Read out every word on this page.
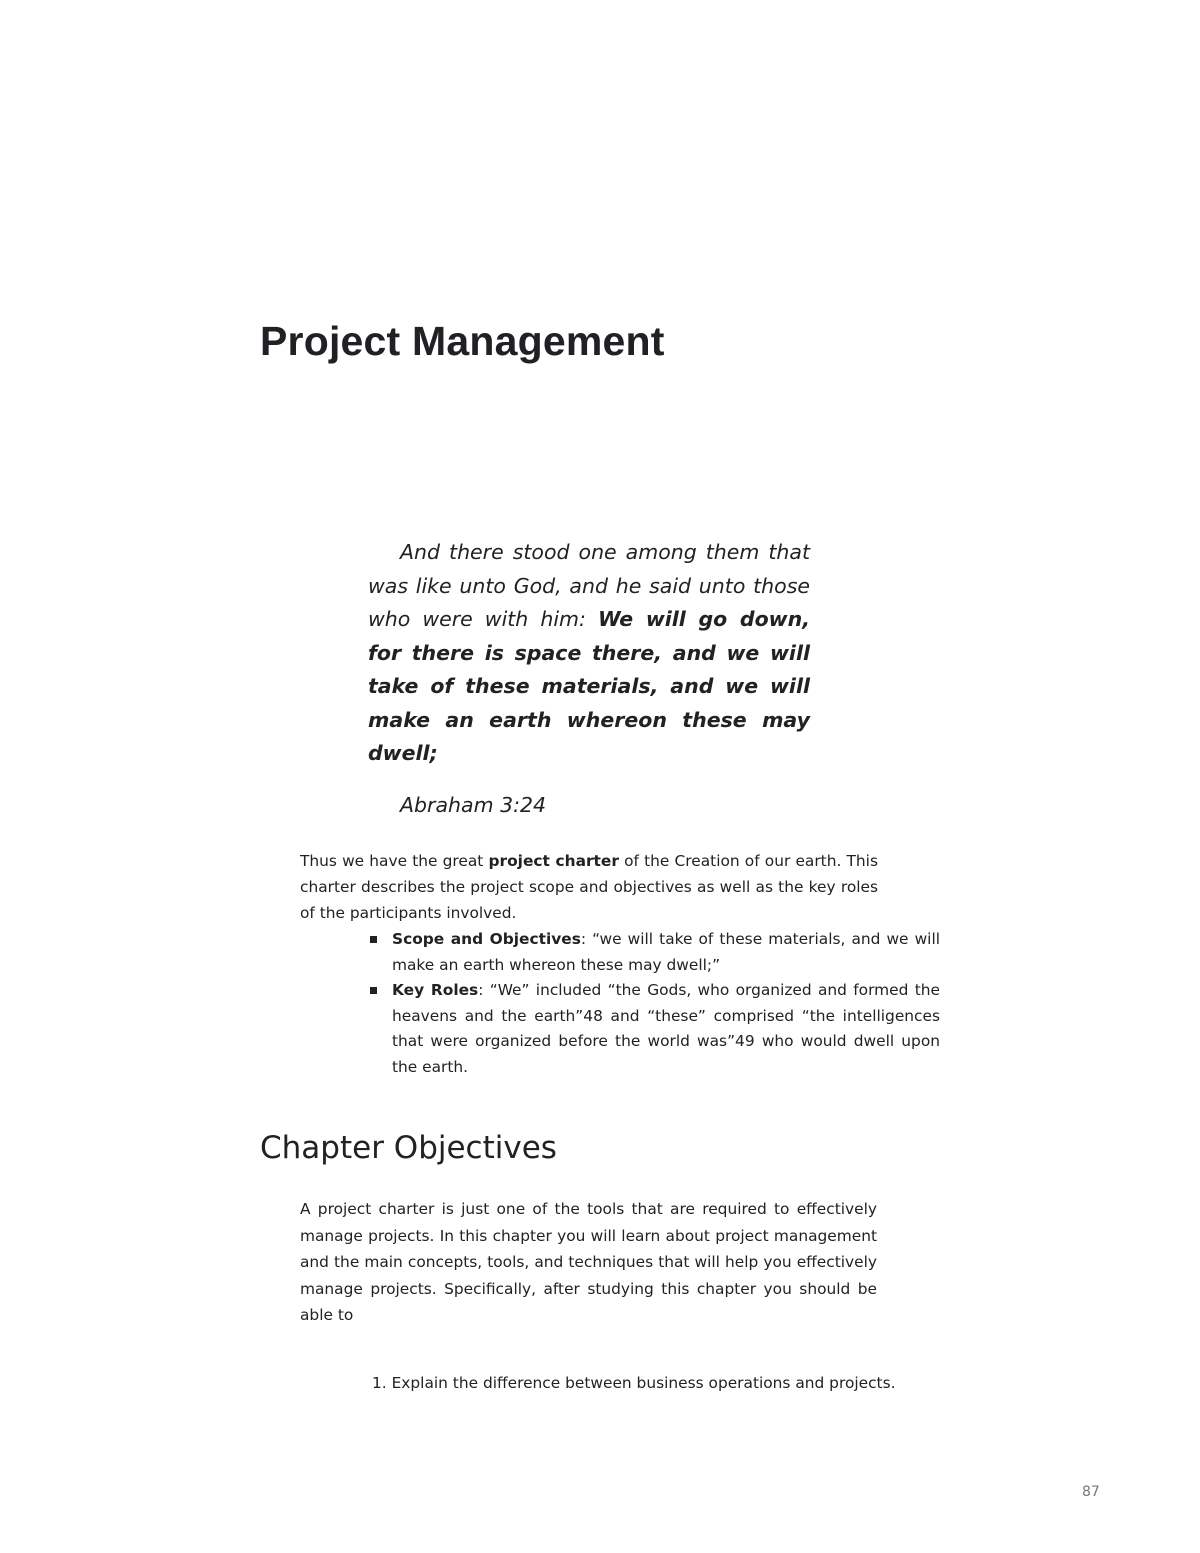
Project Management

And there stood one among them that was like unto God, and he said unto those who were with him: We will go down, for there is space there, and we will take of these materials, and we will make an earth whereon these may dwell;

Abraham 3:24

Thus we have the great project charter of the Creation of our earth. This charter describes the project scope and objectives as well as the key roles of the participants involved.

Scope and Objectives: “we will take of these materials, and we will make an earth whereon these may dwell;”
Key Roles: “We” included “the Gods, who organized and formed the heavens and the earth”48 and “these” comprised “the intelligences that were organized before the world was”49 who would dwell upon the earth.
Chapter Objectives

A project charter is just one of the tools that are required to effectively manage projects. In this chapter you will learn about project management and the main concepts, tools, and techniques that will help you effectively manage projects. Specifically, after studying this chapter you should be able to

1. Explain the difference between business operations and projects.

87
